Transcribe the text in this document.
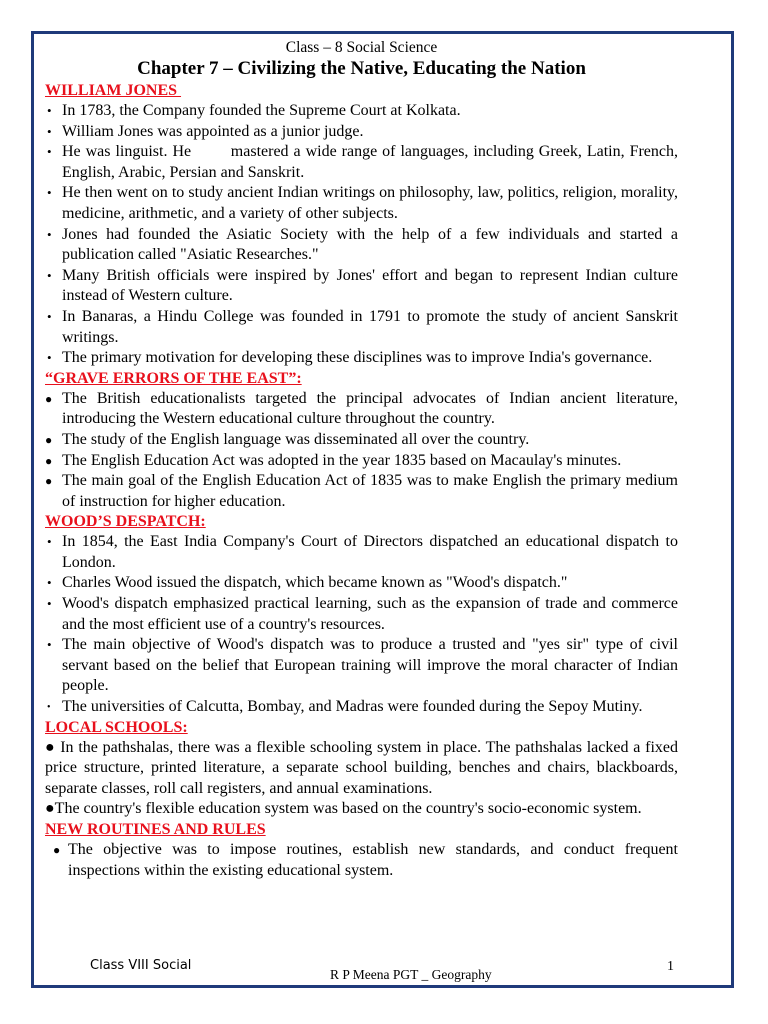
Class – 8 Social Science
Chapter 7 – Civilizing the Native, Educating the Nation
WILLIAM JONES
• In 1783, the Company founded the Supreme Court at Kolkata.
• William Jones was appointed as a junior judge.
• He was linguist. He        mastered a wide range of languages, including Greek, Latin, French, English, Arabic, Persian and Sanskrit.
• He then went on to study ancient Indian writings on philosophy, law, politics, religion, morality, medicine, arithmetic, and a variety of other subjects.
• Jones had founded the Asiatic Society with the help of a few individuals and started a publication called "Asiatic Researches."
• Many British officials were inspired by Jones' effort and began to represent Indian culture instead of Western culture.
• In Banaras, a Hindu College was founded in 1791 to promote the study of ancient Sanskrit writings.
• The primary motivation for developing these disciplines was to improve India's governance.
“GRAVE ERRORS OF THE EAST”:
● The British educationalists targeted the principal advocates of Indian ancient literature, introducing the Western educational culture throughout the country.
● The study of the English language was disseminated all over the country.
● The English Education Act was adopted in the year 1835 based on Macaulay's minutes.
● The main goal of the English Education Act of 1835 was to make English the primary medium of instruction for higher education.
WOOD’S DESPATCH:
• In 1854, the East India Company's Court of Directors dispatched an educational dispatch to London.
• Charles Wood issued the dispatch, which became known as "Wood's dispatch."
• Wood's dispatch emphasized practical learning, such as the expansion of trade and commerce and the most efficient use of a country's resources.
• The main objective of Wood's dispatch was to produce a trusted and "yes sir" type of civil servant based on the belief that European training will improve the moral character of Indian people.
• The universities of Calcutta, Bombay, and Madras were founded during the Sepoy Mutiny.
LOCAL SCHOOLS:
● In the pathshalas, there was a flexible schooling system in place. The pathshalas lacked a fixed price structure, printed literature, a separate school building, benches and chairs, blackboards, separate classes, roll call registers, and annual examinations.
●The country's flexible education system was based on the country's socio-economic system.
NEW ROUTINES AND RULES
● The objective was to impose routines, establish new standards, and conduct frequent inspections within the existing educational system.
Class VIII Social
R P Meena PGT _ Geography
1
